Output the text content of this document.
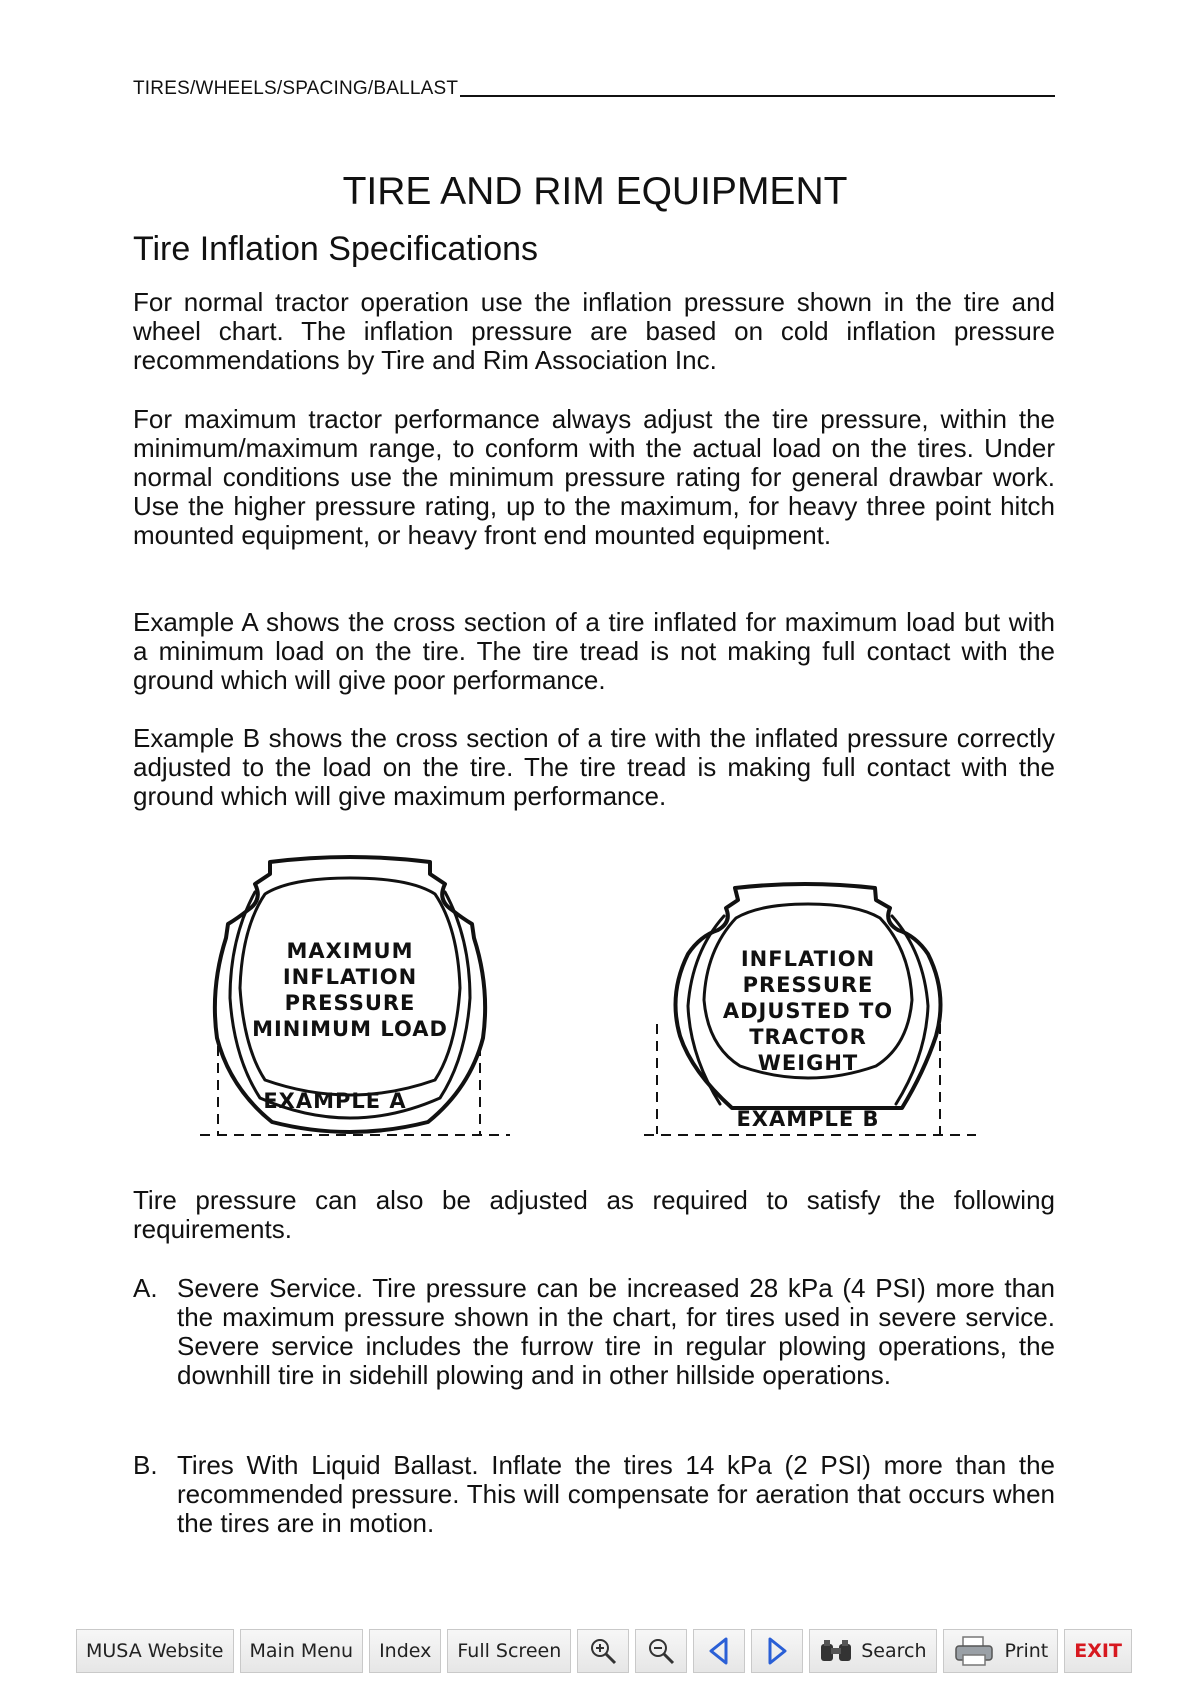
TIRES/WHEELS/SPACING/BALLAST
TIRE AND RIM EQUIPMENT
Tire Inflation Specifications

For normal tractor operation use the inflation pressure shown in the tire and wheel chart. The inflation pressure are based on cold inflation pressure recommendations by Tire and Rim Association Inc.

For maximum tractor performance always adjust the tire pressure, within the minimum/maximum range, to conform with the actual load on the tires. Under normal conditions use the minimum pressure rating for general drawbar work. Use the higher pressure rating, up to the maximum, for heavy three point hitch mounted equipment, or heavy front end mounted equipment.

Example A shows the cross section of a tire inflated for maximum load but with a minimum load on the tire. The tire tread is not making full contact with the ground which will give poor performance.

Example B shows the cross section of a tire with the inflated pressure correctly adjusted to the load on the tire. The tire tread is making full contact with the ground which will give maximum performance.

MAXIMUM
INFLATION
PRESSURE
MINIMUM LOAD
EXAMPLE A
INFLATION
PRESSURE
ADJUSTED TO
TRACTOR
WEIGHT
EXAMPLE B

Tire pressure can also be adjusted as required to satisfy the following requirements.

A. Severe Service. Tire pressure can be increased 28 kPa (4 PSI) more than the maximum pressure shown in the chart, for tires used in severe service. Severe service includes the furrow tire in regular plowing operations, the downhill tire in sidehill plowing and in other hillside operations.
B. Tires With Liquid Ballast. Inflate the tires 14 kPa (2 PSI) more than the recommended pressure. This will compensate for aeration that occurs when the tires are in motion.
MUSA Website	Main Menu	Index	Full Screen	Search	Print	EXIT
